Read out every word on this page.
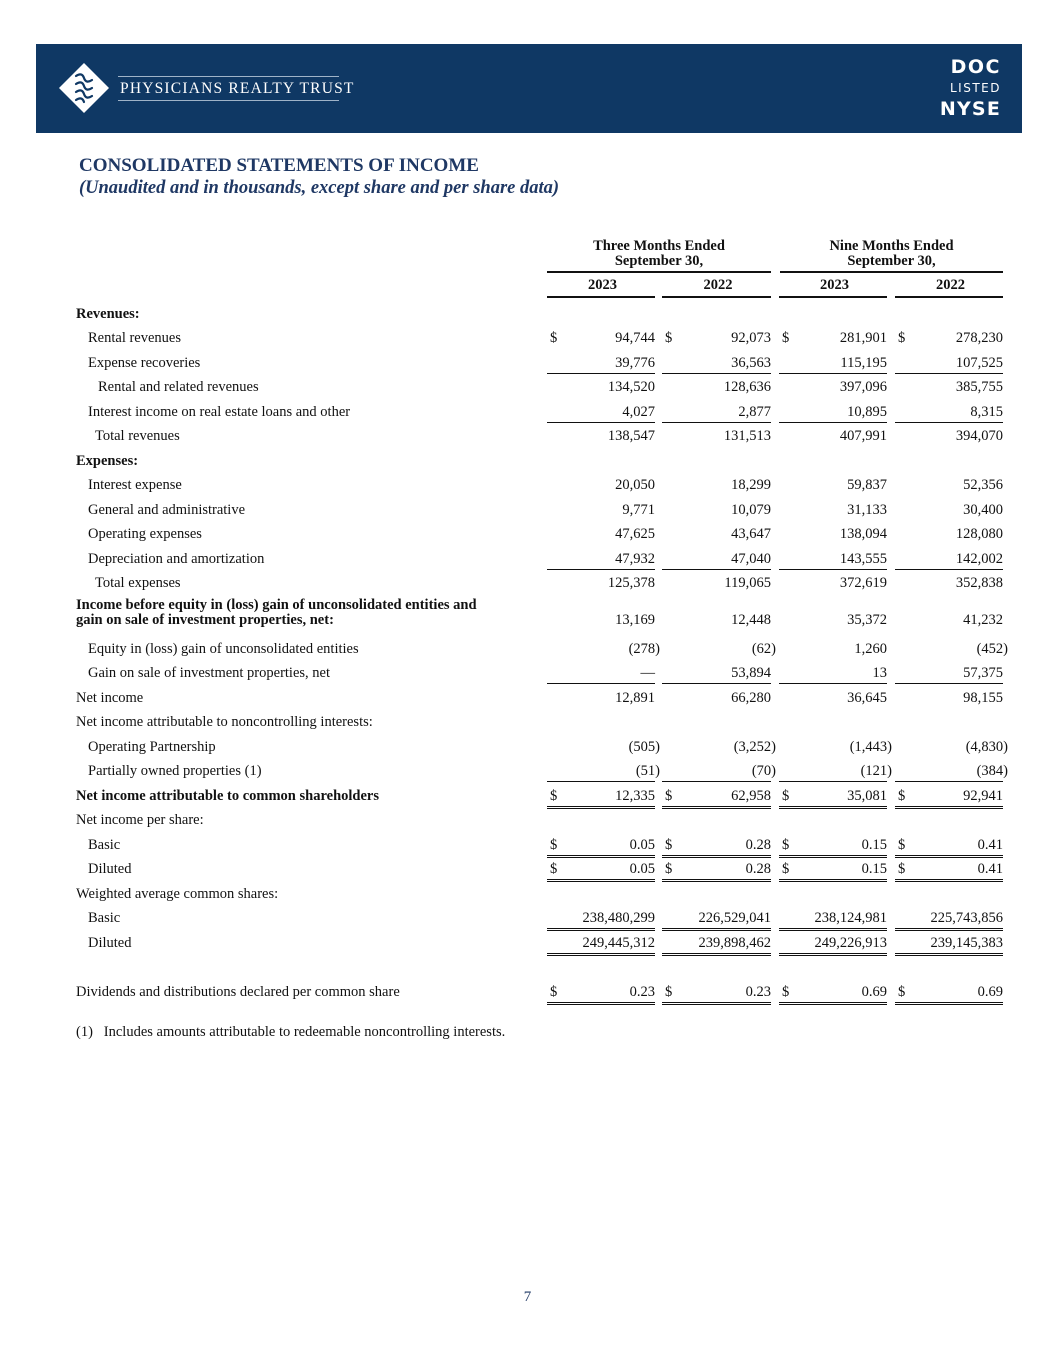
PHYSICIANS REALTY TRUST
DOC
LISTED
NYSE
CONSOLIDATED STATEMENTS OF INCOME
(Unaudited and in thousands, except share and per share data)
Three Months Ended
September 30,
Nine Months Ended
September 30,
2023	2022	2023	2022
Revenues:
Rental revenues	$	94,744 $	92,073 $	281,901 $	278,230
Expense recoveries	39,776	36,563	115,195	107,525
Rental and related revenues	134,520	128,636	397,096	385,755
Interest income on real estate loans and other	4,027	2,877	10,895	8,315
Total revenues	138,547	131,513	407,991	394,070
Expenses:
Interest expense	20,050	18,299	59,837	52,356
General and administrative	9,771	10,079	31,133	30,400
Operating expenses	47,625	43,647	138,094	128,080
Depreciation and amortization	47,932	47,040	143,555	142,002
Total expenses	125,378	119,065	372,619	352,838
Income before equity in (loss) gain of unconsolidated entities and
gain on sale of investment properties, net:	13,169	12,448	35,372	41,232
Equity in (loss) gain of unconsolidated entities	(278)	(62)	1,260	(452)
Gain on sale of investment properties, net	—	53,894	13	57,375
Net income	12,891	66,280	36,645	98,155
Net income attributable to noncontrolling interests:
Operating Partnership	(505)	(3,252)	(1,443)	(4,830)
Partially owned properties (1)	(51)	(70)	(121)	(384)
Net income attributable to common shareholders	$	12,335 $	62,958 $	35,081 $	92,941
Net income per share:
Basic	$	0.05 $	0.28 $	0.15 $	0.41
Diluted	$	0.05 $	0.28 $	0.15 $	0.41
Weighted average common shares:
Basic	238,480,299	226,529,041	238,124,981	225,743,856
Diluted	249,445,312	239,898,462	249,226,913	239,145,383
Dividends and distributions declared per common share	$	0.23 $	0.23 $	0.69 $	0.69
(1)   Includes amounts attributable to redeemable noncontrolling interests.
7
